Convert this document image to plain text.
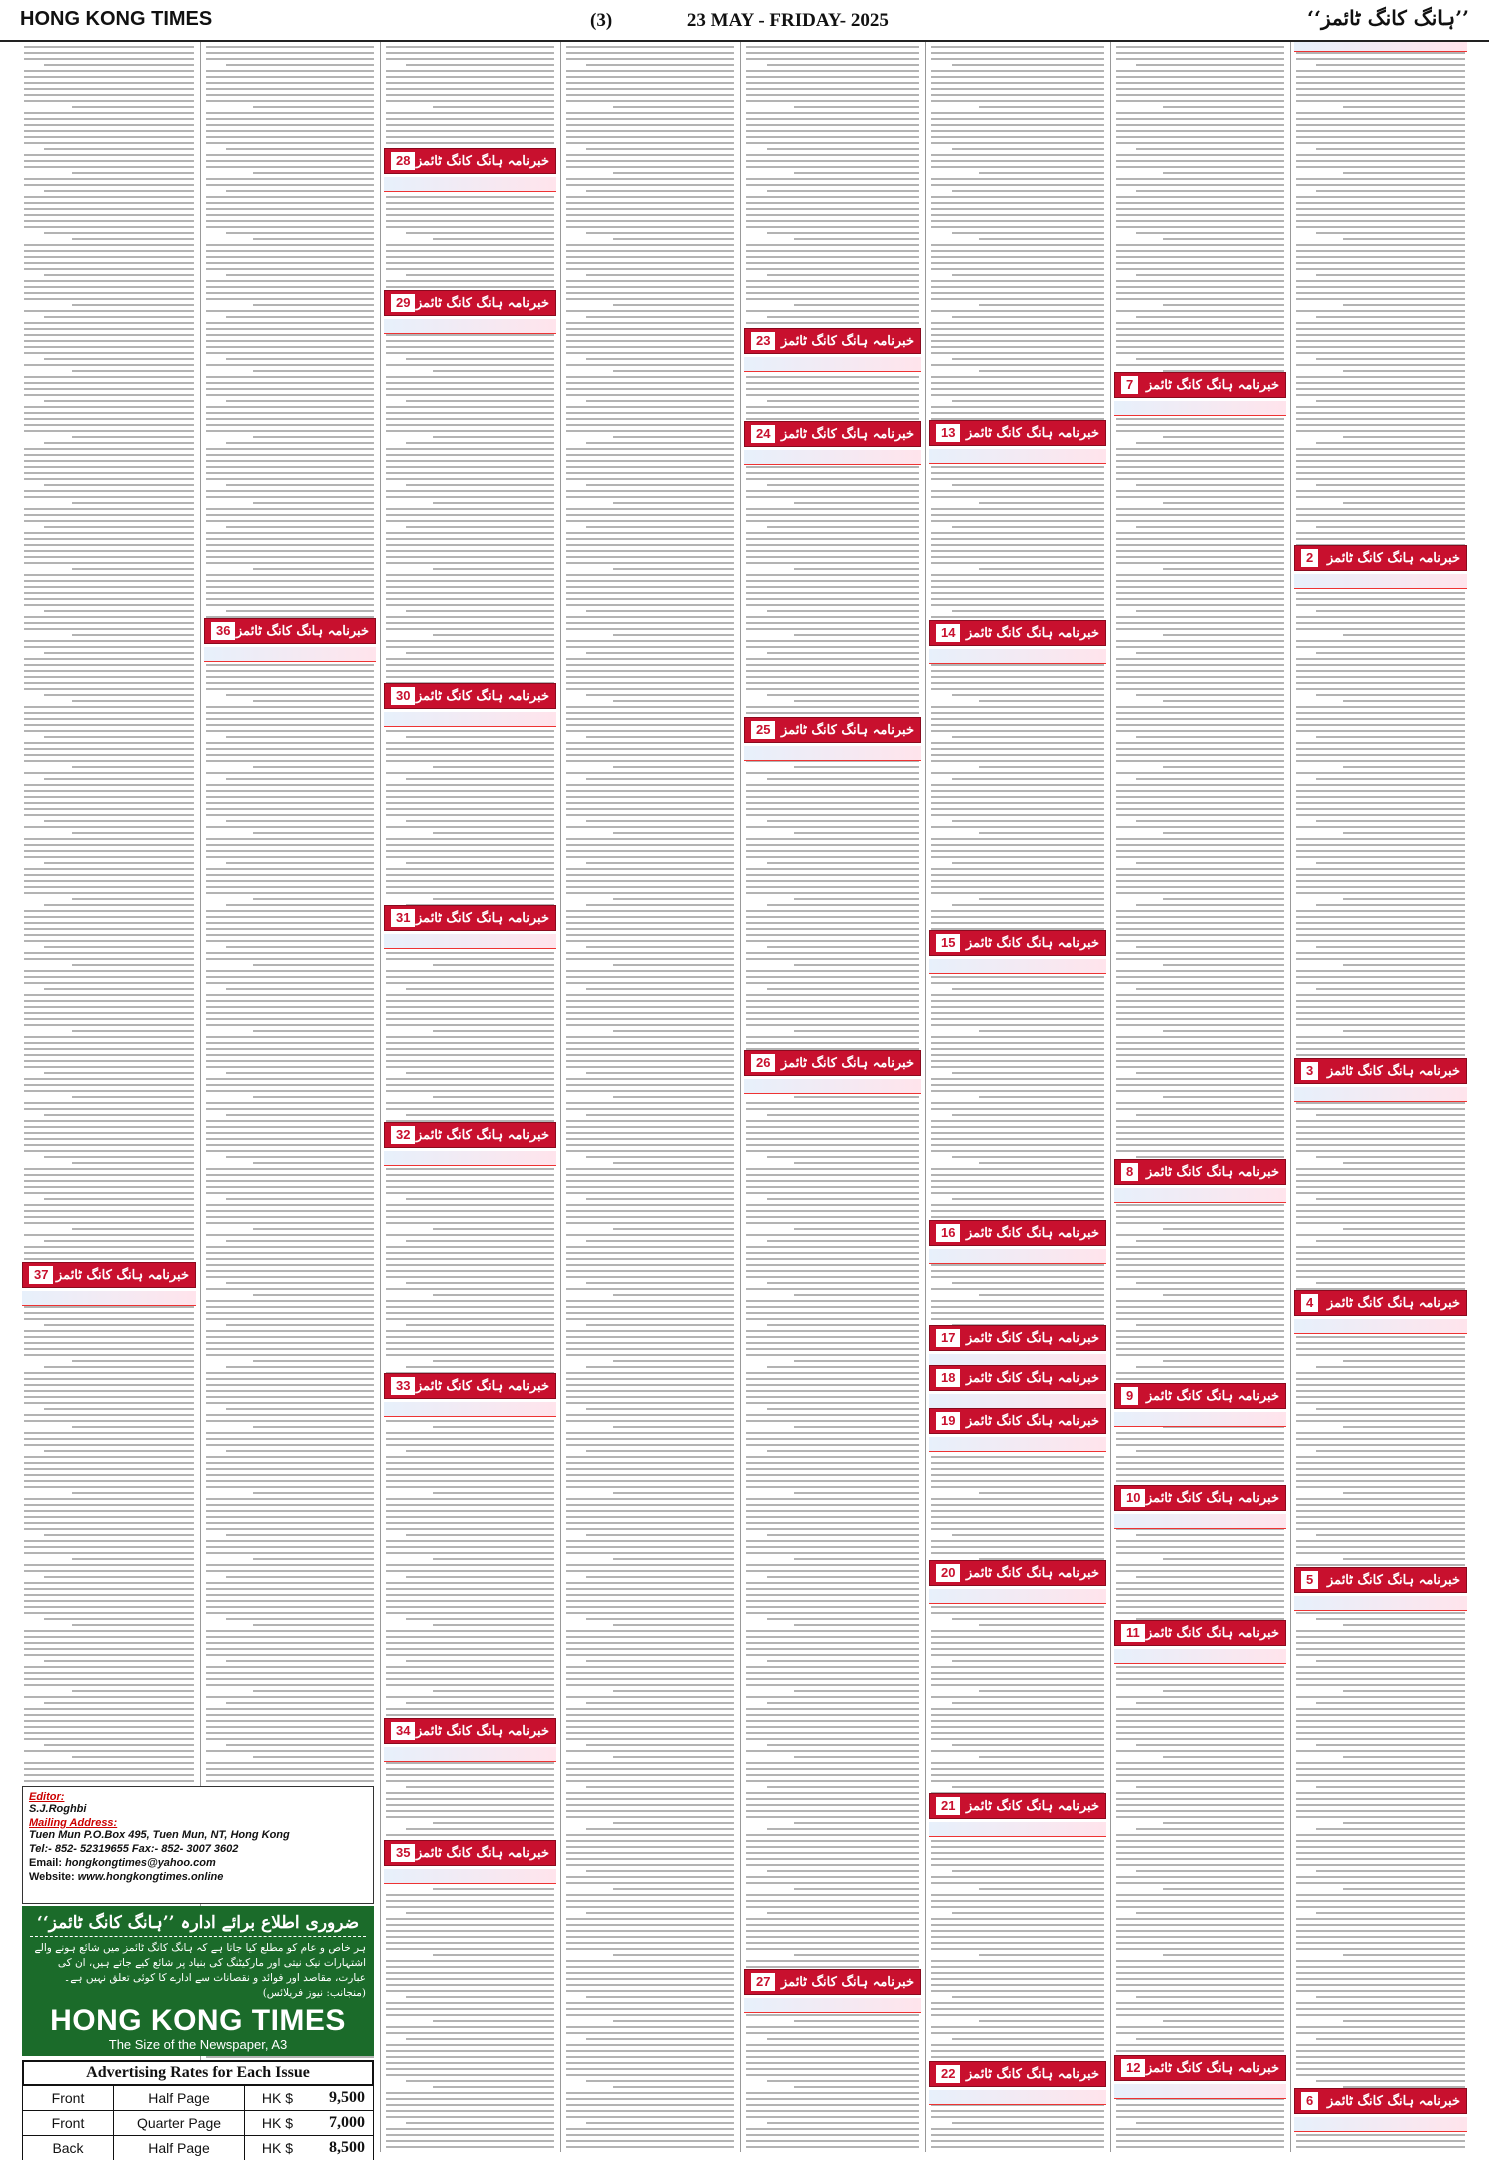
HONG KONG TIMES	(3)	23 MAY - FRIDAY- 2025	’’ہانگ کانگ ٹائمز‘‘
2	خبرنامہ ہانگ کانگ ٹائمز
3	خبرنامہ ہانگ کانگ ٹائمز
4	خبرنامہ ہانگ کانگ ٹائمز
5	خبرنامہ ہانگ کانگ ٹائمز
6	خبرنامہ ہانگ کانگ ٹائمز
7 خبرنامہ ہانگ کانگ ٹائمز
8 خبرنامہ ہانگ کانگ ٹائمز
9 خبرنامہ ہانگ کانگ ٹائمز
10 خبرنامہ ہانگ کانگ ٹائمز
11 خبرنامہ ہانگ کانگ ٹائمز
12 خبرنامہ ہانگ کانگ ٹائمز
13 خبرنامہ ہانگ کانگ ٹائمز
14 خبرنامہ ہانگ کانگ ٹائمز
15 خبرنامہ ہانگ کانگ ٹائمز
16 خبرنامہ ہانگ کانگ ٹائمز
17 خبرنامہ ہانگ کانگ ٹائمز
18 خبرنامہ ہانگ کانگ ٹائمز
19 خبرنامہ ہانگ کانگ ٹائمز
20 خبرنامہ ہانگ کانگ ٹائمز
21 خبرنامہ ہانگ کانگ ٹائمز
22 خبرنامہ ہانگ کانگ ٹائمز
23 خبرنامہ ہانگ کانگ ٹائمز
24 خبرنامہ ہانگ کانگ ٹائمز
25 خبرنامہ ہانگ کانگ ٹائمز
26 خبرنامہ ہانگ کانگ ٹائمز
27 خبرنامہ ہانگ کانگ ٹائمز
28 خبرنامہ ہانگ کانگ ٹائمز
29 خبرنامہ ہانگ کانگ ٹائمز
30 خبرنامہ ہانگ کانگ ٹائمز
31 خبرنامہ ہانگ کانگ ٹائمز
32 خبرنامہ ہانگ کانگ ٹائمز
33 خبرنامہ ہانگ کانگ ٹائمز
34 خبرنامہ ہانگ کانگ ٹائمز
35 خبرنامہ ہانگ کانگ ٹائمز
36 خبرنامہ ہانگ کانگ ٹائمز
37 خبرنامہ ہانگ کانگ ٹائمز
Editor:
S.J.Roghbi
Mailing Address:
Tuen Mun P.O.Box 495, Tuen Mun, NT, Hong Kong
Tel:- 852- 52319655 Fax:- 852- 3007 3602
Email: hongkongtimes@yahoo.com
Website: www.hongkongtimes.online
ضروری اطلاع برائے ادارہ ’’ہانگ کانگ ٹائمز‘‘
ہر خاص و عام کو مطلع کیا جاتا ہے کہ ہانگ کانگ ٹائمز میں شائع ہونے والے اشتہارات نیک نیتی اور مارکیٹنگ کی بنیاد پر شائع کیے جاتے ہیں، ان کی عبارت، مقاصد اور فوائد و نقصانات سے ادارے کا کوئی تعلق نہیں ہے۔ (منجانب: نیوز فریلائس)
HONG KONG TIMES
The Size of the Newspaper, A3
Advertising Rates for Each Issue
Front	Half Page	HK $	9,500
Front	Quarter Page	HK $	7,000
Back	Half Page	HK $	8,500
